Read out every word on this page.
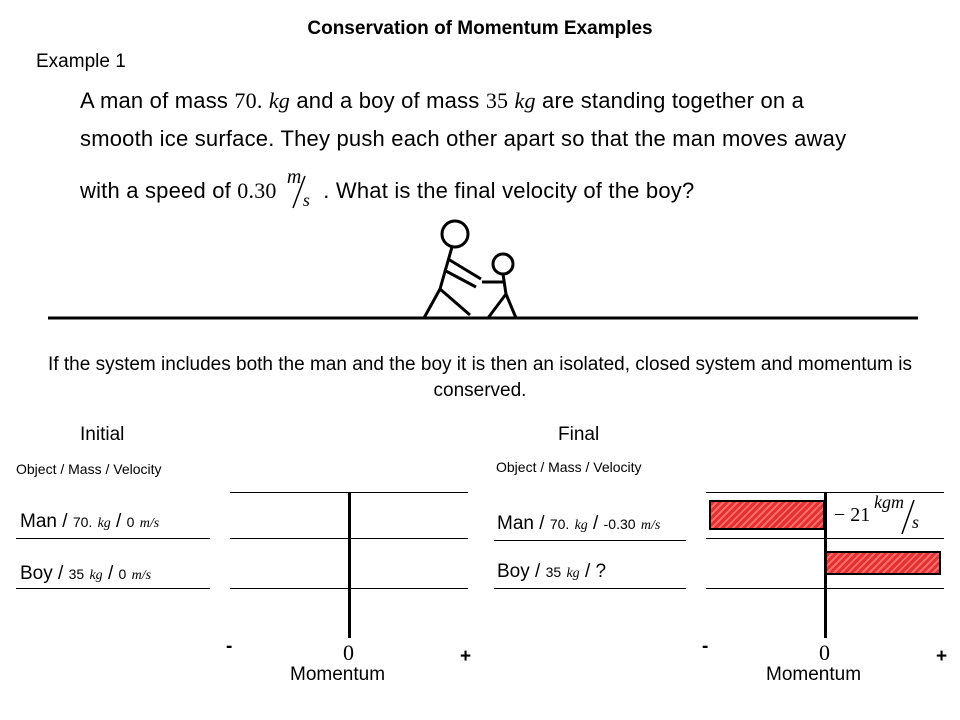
Conservation of Momentum Examples
Example 1
A man of mass 70. kg and a boy of mass 35 kg are standing together on a
smooth ice surface. They push each other apart so that the man moves away
with a speed of 0.30
m
s . What is the final velocity of the boy?
If the system includes both the man and the boy it is then an isolated, closed system and momentum is conserved.
Initial
Object / Mass / Velocity
Man / 70. kg / 0 m/s
Boy / 35 kg / 0 m/s
-	0	+
Momentum
Final
Object / Mass / Velocity
Man / 70. kg / -0.30 m/s
Boy / 35 kg / ?
− 21
kgm
s
-	0	+
Momentum
